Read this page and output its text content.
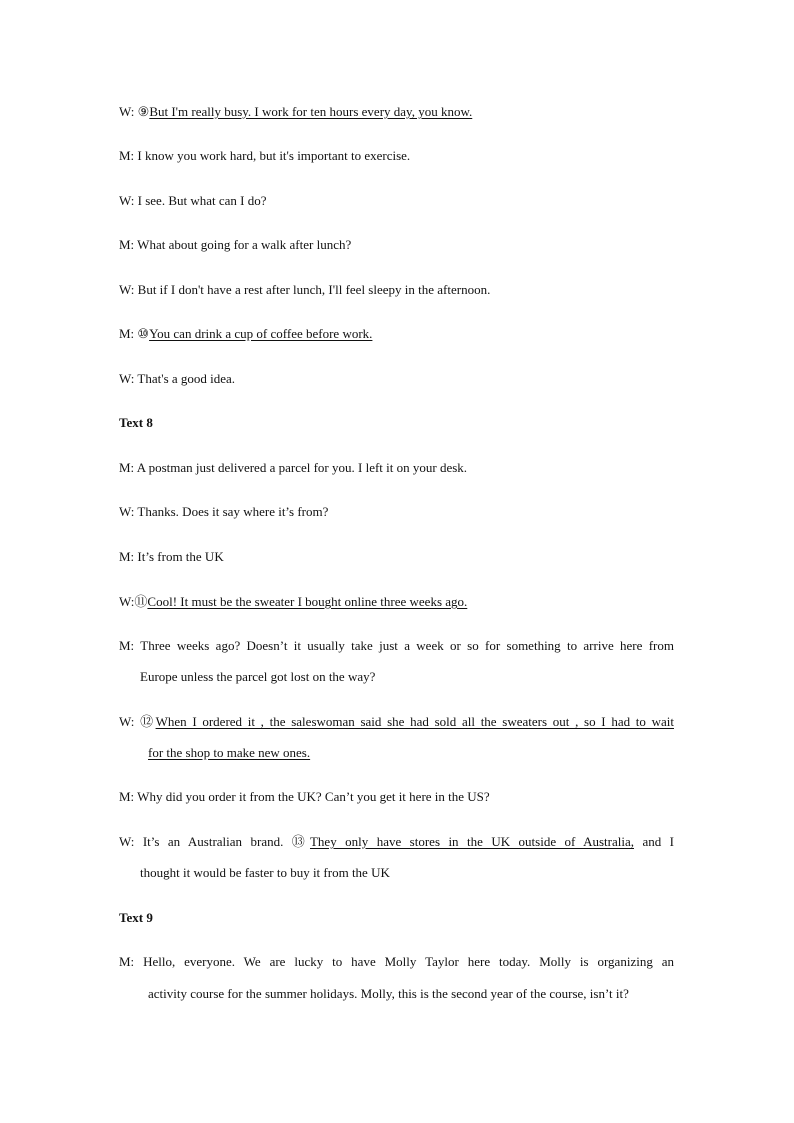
W: ⑨But I'm really busy. I work for ten hours every day, you know.
M: I know you work hard, but it's important to exercise.
W: I see. But what can I do?
M: What about going for a walk after lunch?
W: But if I don't have a rest after lunch, I'll feel sleepy in the afternoon.
M: ⑩You can drink a cup of coffee before work.
W: That's a good idea.
Text 8
M: A postman just delivered a parcel for you. I left it on your desk.
W: Thanks. Does it say where it’s from?
M: It’s from the UK
W:⑪Cool! It must be the sweater I bought online three weeks ago.
M: Three weeks ago? Doesn’t it usually take just a week or so for something to arrive here from
Europe unless the parcel got lost on the way?
W: ⑫When I ordered it , the saleswoman said she had sold all the sweaters out , so I had to wait
for the shop to make new ones.
M: Why did you order it from the UK? Can’t you get it here in the US?
W: It’s an Australian brand. ⑬They only have stores in the UK outside of Australia, and I
thought it would be faster to buy it from the UK
Text 9
M: Hello, everyone. We are lucky to have Molly Taylor here today. Molly is organizing an
activity course for the summer holidays. Molly, this is the second year of the course, isn’t it?
